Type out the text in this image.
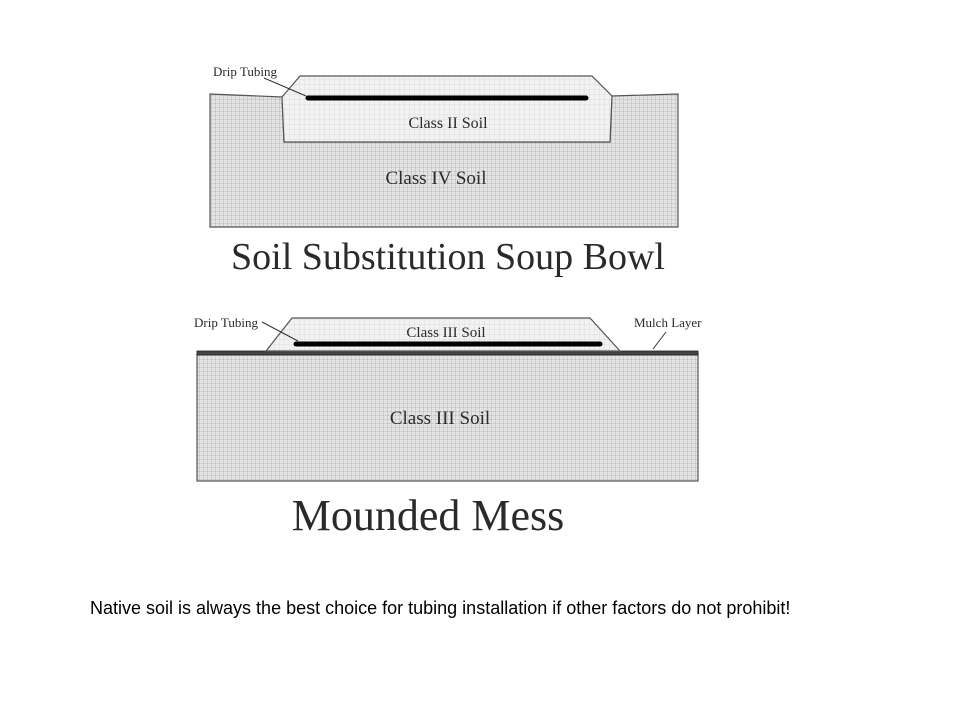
Drip Tubing
Class II Soil
Class IV Soil
Soil Substitution Soup Bowl
Drip Tubing
Class III Soil
Mulch Layer
Class III Soil
Mounded Mess
Native soil is always the best choice for tubing installation if other factors do not prohibit!
